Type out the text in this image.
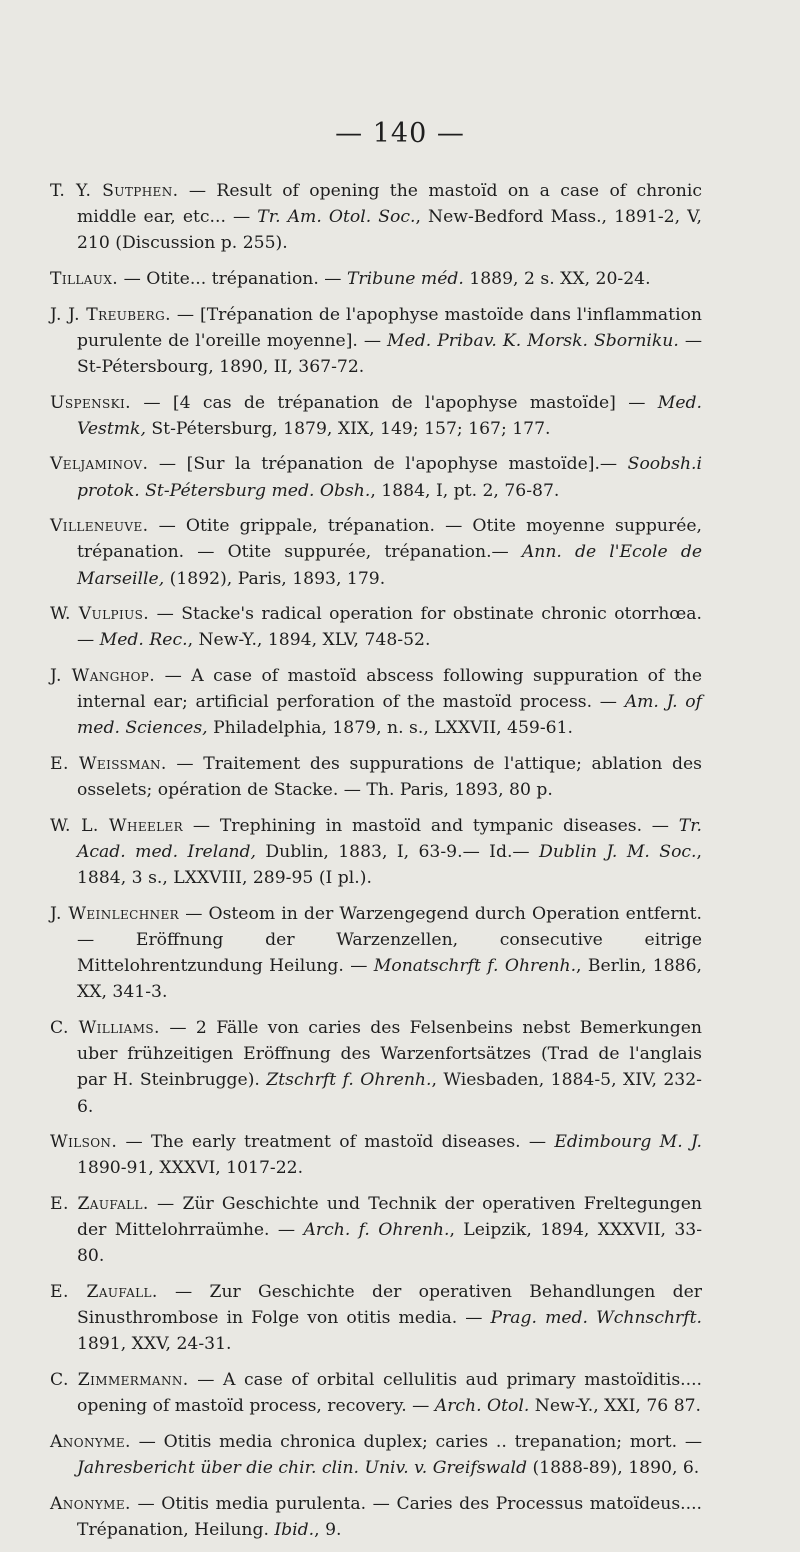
— 140 —

T. Y. Sutphen. — Result of opening the mastoïd on a case of chronic middle ear, etc... — Tr. Am. Otol. Soc., New-Bedford Mass., 1891-2, V, 210 (Discussion p. 255).

Tillaux. — Otite... trépanation. — Tribune méd. 1889, 2 s. XX, 20-24.

J. J. Treuberg. — [Trépanation de l'apophyse mastoïde dans l'inflammation purulente de l'oreille moyenne]. — Med. Pribav. K. Morsk. Sborniku. — St-Pétersbourg, 1890, II, 367-72.

Uspenski. — [4 cas de trépanation de l'apophyse mastoïde] — Med. Vestmk, St-Pétersburg, 1879, XIX, 149; 157; 167; 177.

Veljaminov. — [Sur la trépanation de l'apophyse mastoïde].— Soobsh.i protok. St-Pétersburg med. Obsh., 1884, I, pt. 2, 76-87.

Villeneuve. — Otite grippale, trépanation. — Otite moyenne suppurée, trépanation. — Otite suppurée, trépanation.— Ann. de l'Ecole de Marseille, (1892), Paris, 1893, 179.

W. Vulpius. — Stacke's radical operation for obstinate chronic otorrhœa. — Med. Rec., New-Y., 1894, XLV, 748-52.

J. Wanghop. — A case of mastoïd abscess following suppuration of the internal ear; artificial perforation of the mastoïd process. — Am. J. of med. Sciences, Philadelphia, 1879, n. s., LXXVII, 459-61.

E. Weissman. — Traitement des suppurations de l'attique; ablation des osselets; opération de Stacke. — Th. Paris, 1893, 80 p.

W. L. Wheeler — Trephining in mastoïd and tympanic diseases. — Tr. Acad. med. Ireland, Dublin, 1883, I, 63-9.— Id.— Dublin J. M. Soc., 1884, 3 s., LXXVIII, 289-95 (I pl.).

J. Weinlechner — Osteom in der Warzengegend durch Operation entfernt. — Eröffnung der Warzenzellen, consecutive eitrige Mittelohrentzundung Heilung. — Monatschrft f. Ohrenh., Berlin, 1886, XX, 341-3.

C. Williams. — 2 Fälle von caries des Felsenbeins nebst Bemerkungen uber frühzeitigen Eröffnung des Warzenfortsätzes (Trad de l'anglais par H. Steinbrugge). Ztschrft f. Ohrenh., Wiesbaden, 1884-5, XIV, 232-6.

Wilson. — The early treatment of mastoïd diseases. — Edimbourg M. J. 1890-91, XXXVI, 1017-22.

E. Zaufall. — Zür Geschichte und Technik der operativen Freltegungen der Mittelohrraümhe. — Arch. f. Ohrenh., Leipzik, 1894, XXXVII, 33-80.

E. Zaufall. — Zur Geschichte der operativen Behandlungen der Sinusthrombose in Folge von otitis media. — Prag. med. Wchnschrft. 1891, XXV, 24-31.

C. Zimmermann. — A case of orbital cellulitis aud primary mastoïditis.... opening of mastoïd process, recovery. — Arch. Otol. New-Y., XXI, 76 87.

Anonyme. — Otitis media chronica duplex; caries .. trepanation; mort. — Jahresbericht über die chir. clin. Univ. v. Greifswald (1888-89), 1890, 6.

Anonyme. — Otitis media purulenta. — Caries des Processus matoïdeus.... Trépanation, Heilung. Ibid., 9.
